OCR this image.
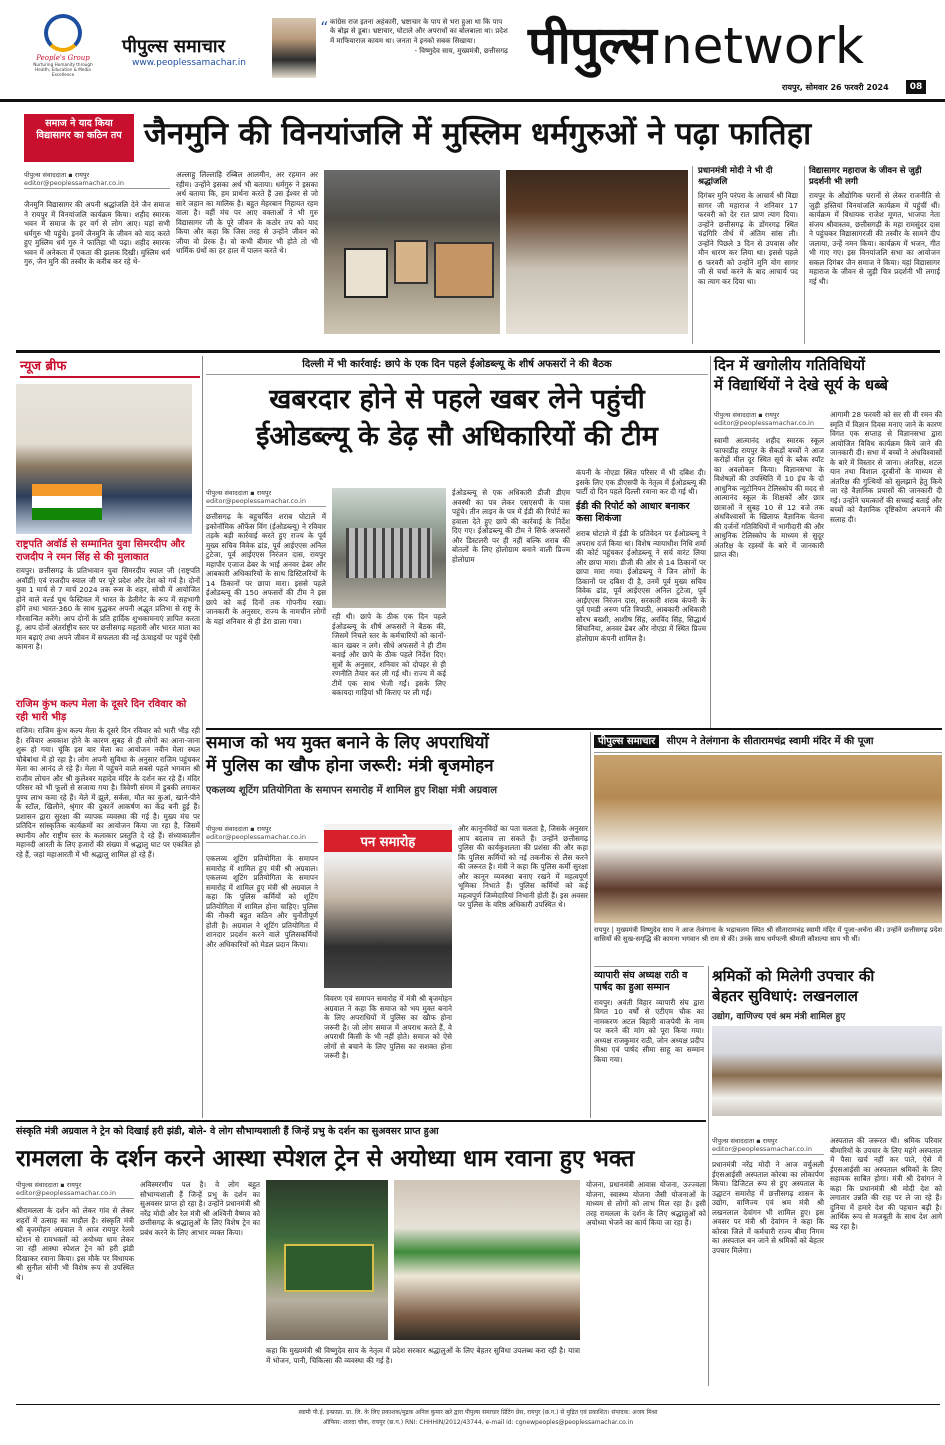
People's Group
Nurturing Humanity through Health, Education & Media Excellence
पीपुल्स समाचार
www.peoplessamachar.in
“ कांग्रेस राज इतना अहंकारी, भ्रष्टाचार के पाप से भरा हुआ था कि पाप के बोझ से डूबा। भ्रष्टाचार, घोटाले और अपराधों का बोलबाला था। प्रदेश में माफियाराज कायम था। जनता ने इनको सबक सिखाया।
- विष्णुदेव साय, मुख्यमंत्री, छत्तीसगढ़ पीपुल्स network
रायपुर, सोमवार 26 फरवरी 2024	08
समाज ने याद किया विद्यासागर का कठिन तप जैनमुनि की विनयांजलि में मुस्लिम धर्मगुरुओं ने पढ़ा फातिहा
पीपुल्स संवाददाता ▪ रायपुर
editor@peoplessamachar.co.in
जैनमुनि विद्यासागर की अपनी श्रद्धांजलि देने जैन समाज ने रायपुर में विनयांजलि कार्यक्रम किया। शहीद स्मारक भवन में समाज के हर वर्ग से लोग आए। यहां सभी धर्मगुरु भी पहुंचे। इनमें जैनमुनि के जीवन को याद करते हुए मुस्लिम धर्म गुरु ने फातिहा भी पढ़ा। शहीद स्मारक भवन में अनेकता में एकता की झलक दिखी। मुस्लिम धर्म गुरु, जैन मुनि की तस्वीर के करीब कर रहे थे-
अल्लाहु लिल्लाहि रब्बिल आलमीन, अर रहमान अर रहीम। उन्होंने इसका अर्थ भी बताया। धर्मगुरु ने इसका अर्थ बताया कि, हम प्रार्थना करते हैं उस ईश्वर से जो सारे जहान का मालिक है। बहुत मेहरबान निहायत रहम वाला है। वहीं मंच पर आए वक्ताओं ने भी गुरु विद्यासागर जी के पूरे जीवन के कठोर तप को याद किया और कहा कि जिस तरह से उन्होंने जीवन को जीया वो प्रेरक है। वो कभी बीमार भी होते तो भी धार्मिक ग्रंथों का हर हाल में पालन करते थे।
प्रधानमंत्री मोदी ने भी दी श्रद्धांजलि
दिगंबर मुनि परंपरा के आचार्य श्री विद्या सागर जी महाराज ने शनिवार 17 फरवरी को देर रात प्राण त्याग दिया। उन्होंने छत्तीसगढ़ के डोंगरगढ़ स्थित चंद्रगिरि तीर्थ में अंतिम सांस ली। उन्होंने पिछले 3 दिन से उपवास और मौन धारण कर लिया था। इससे पहले 6 फरवरी को उन्होंने मुनि योग सागर जी से चर्चा करने के बाद आचार्य पद का त्याग कर दिया था।
विद्यासागर महाराज के जीवन से जुड़ी प्रदर्शनी भी लगी
रायपुर के औद्योगिक घरानों से लेकर राजनीति से जुड़ी हस्तियां विनयांजलि कार्यक्रम में पहुंचीं थीं। कार्यक्रम में विधायक राजेश मूणत, भाजपा नेता संजय श्रीवास्तव, छत्तीसगढ़ी के महा रामसुंदर दास ने पहुंचकर विद्यासागरजी की तस्वीर के सामने दीप जलाया, उन्हें नमन किया। कार्यक्रम में भजन, गीत भी गाए गए। इस विनयांजलि सभा का आयोजन सकल दिगंबर जैन समाज ने किया। यहां विद्यासागर महाराज के जीवन से जुड़ी चित्र प्रदर्शनी भी लगाई गई थी।
न्यूज ब्रीफ
राष्ट्रपति अवॉर्ड से सम्मानित युवा सिमरदीप और राजदीप ने रमन सिंह से की मुलाकात
रायपुर। छत्तीसगढ़ के प्रतिभावान युवा सिमरदीप स्याल जी (राष्ट्रपति अवॉर्डी) एवं राजदीप स्याल जी पर पूरे प्रदेश और देश को गर्व है। दोनों युवा 1 मार्च से 7 मार्च 2024 तक रूस के शहर, सोची में आयोजित होने वाले वर्ल्ड यूथ फेस्टिवल में भारत के डेलीगेट के रूप में सहभागी होंगे तथा भारत-360 के साथ युद्धकर अपनी अद्भुत प्रतिभा से राष्ट्र के गौरवान्वित करेंगे। आप दोनों के प्रति हार्दिक शुभकामनाएं ज्ञापित करता हूं, आप दोनों अंतर्राष्ट्रीय स्तर पर छत्तीसगढ़ महतारी और भारत माता का मान बढ़ाएं तथा अपने जीवन में सफलता की नई ऊंचाइयों पर पहुंचें ऐसी कामना है।
राजिम कुंभ कल्प मेला के दूसरे दिन रविवार को रही भारी भीड़
राजिम। राजिम कुंभ कल्प मेला के दूसरे दिन रविवार को भारी भीड़ रही है। रविवार अवकाश होने के कारण सुबह से ही लोगों का आना-जाना शुरू हो गया। चूंकि इस बार मेला का आयोजन नवीन मेला स्थल चौबेबांधा में हो रहा है। लोग अपनी सुविधा के अनुसार राजिम पहुंचकर मेला का आनंद ले रहे हैं। मेला में पहुंचने वाले सबसे पहले भगवान श्री राजीव लोचन और श्री कुलेश्वर महादेव मंदिर के दर्शन कर रहे हैं। मंदिर परिसर को भी फूलों से सजाया गया है। त्रिवेणी संगम में डुबकी लगाकर पुण्य लाभ कमा रहे हैं। मेले में झूले, सर्कस, मौत का कुआं, खाने-पीने के स्टॉल, खिलौने, श्रृंगार की दुकानें आकर्षण का केंद्र बनी हुई हैं। प्रशासन द्वारा सुरक्षा की व्यापक व्यवस्था की गई है। मुख्य मंच पर प्रतिदिन सांस्कृतिक कार्यक्रमों का आयोजन किया जा रहा है, जिसमें स्थानीय और राष्ट्रीय स्तर के कलाकार प्रस्तुति दे रहे हैं। संध्याकालीन महानदी आरती के लिए हजारों की संख्या में श्रद्धालु घाट पर एकत्रित हो रहे हैं, जहां महाआरती में भी श्रद्धालु शामिल हो रहे हैं।
दिल्ली में भी कार्रवाई: छापे के एक दिन पहले ईओडब्ल्यू के शीर्ष अफसरों ने की बैठक
खबरदार होने से पहले खबर लेने पहुंची
ईओडब्ल्यू के डेढ़ सौ अधिकारियों की टीम
पीपुल्स संवाददाता ▪ रायपुर
editor@peoplessamachar.co.in
छत्तीसगढ़ के बहुचर्चित शराब घोटाले में इकोनॉमिक ऑफेंस विंग (ईओडब्ल्यू) ने रविवार तड़के बड़ी कार्रवाई करते हुए राज्य के पूर्व मुख्य सचिव विवेक ढांड, पूर्व आईएएस अनिल टुटेजा, पूर्व आईएएस निरंजन दास, रायपुर महापौर एजाज ढेबर के भाई अनवर ढेबर और आबकारी अधिकारियों के साथ डिस्टिलरियों के 14 ठिकानों पर छापा मारा। इससे पहले ईओडब्ल्यू की 150 अफसरों की टीम ने इस छापे को कई दिनों तक गोपनीय रखा। जानकारी के अनुसार, राज्य के नामचीन लोगों के यहां शनिवार से ही डेरा डाला गया।	रही थी। छापे के ठीक एक दिन पहले ईओडब्ल्यू के शीर्ष अफसरों ने बैठक की, जिसमें निचले स्तर के कर्मचारियों को कानों-कान खबर न लगे। सीधे अफसरों ने ही टीम बनाई और छापे के ठीक पहले निर्देश दिए। सूत्रों के अनुसार, शनिवार को दोपहर से ही रणनीति तैयार कर ली गई थी। राज्य में कई टीमें एक साथ भेजी गईं। इसके लिए बकायदा गाड़ियां भी किराए पर ली गईं।
ईओडब्ल्यू से एक अधिकारी डीजी डीएम अवस्थी का पत्र लेकर एसएसपी के पास पहुंचे। तीन लाइन के पत्र में ईडी की रिपोर्ट का हवाला देते हुए छापे की कार्रवाई के निर्देश दिए गए। ईओडब्ल्यू की टीम ने सिर्फ अफसरों और डिस्टलरी पर ही नहीं बल्कि शराब की बोतलों के लिए होलोग्राम बनाने वाली प्रिज्म होलोग्राम
कंपनी के नोएडा स्थित परिसर में भी दबिश दी। इसके लिए एक डीएसपी के नेतृत्व में ईओडब्ल्यू की पार्टी दो दिन पहले दिल्ली रवाना कर दी गई थी।
ईडी की रिपोर्ट को आधार बनाकर कसा शिकंजा
शराब घोटाले में ईडी के प्रतिवेदन पर ईओडब्ल्यू ने अपराध दर्ज किया था। विशेष न्यायाधीश निधि शर्मा की कोर्ट पहुंचकर ईओडब्ल्यू ने सर्च वारंट लिया और छापा मारा। डीजी की ओर से 14 ठिकानों पर छापा मारा गया। ईओडब्ल्यू ने जिन लोगों के ठिकानों पर दबिश दी है, उनमें पूर्व मुख्य सचिव विवेक ढांड, पूर्व आईएएस अनिल टुटेजा, पूर्व आईएएस निरंजन दास, सरकारी शराब कंपनी के पूर्व एमडी अरुण पति त्रिपाठी, आबकारी अधिकारी सौरभ बख्शी, आशीष सिंह, अरविंद सिंह, सिद्धार्थ सिंघानिया, अनवर ढेबर और नोएडा में स्थित प्रिज्म होलोग्राम कंपनी शामिल है।
दिन में खगोलीय गतिविधियों
में विद्यार्थियों ने देखे सूर्य के धब्बे
पीपुल्स संवाददाता ▪ रायपुर
editor@peoplessamachar.co.in
स्वामी आत्मानंद शहीद स्मारक स्कूल फाफाडीह रायपुर के सैकड़ों बच्चों ने आज करोड़ों मील दूर स्थित सूर्य के ब्लैक स्पॉट का अवलोकन किया। विज्ञानसभा के विशेषज्ञों की उपस्थिति में 10 इंच के दो आधुनिक न्यूटोनियन टेलिस्कोप की मदद से आत्मानंद स्कूल के शिक्षकों और छात्र छात्राओं ने सुबह 10 से 12 बजे तक अंधविश्वासों के खिलाफ वैज्ञानिक चेतना की दर्जनों गतिविधियों में भागीदारी की और आधुनिक टेलिस्कोप के माध्यम से सुदूर अंतरिक्ष के रहस्यों के बारे में जानकारी प्राप्त की।
आगामी 28 फरवरी को सर सी वी रमन की स्मृति में विज्ञान दिवस मनाए जाने के कारण विगत एक सप्ताह से विज्ञानसभा द्वारा आयोजित विविध कार्यक्रम किये जाने की जानकारी दी। सभा में बच्चों ने अंधविश्वासों के बारे में विस्तार से जाना। अंतरिक्ष, शटल यान तथा विशाल दूरबीनों के माध्यम से अंतरिक्ष की गुत्थियों को सुलझाने हेतु किये जा रहे वैज्ञानिक प्रयासों की जानकारी दी गई। उन्होंने चमत्कारों की सच्चाई बताई और बच्चों को वैज्ञानिक दृष्टिकोण अपनाने की सलाह दी।
समाज को भय मुक्त बनाने के लिए अपराधियों
में पुलिस का खौफ होना जरूरी: मंत्री बृजमोहन
एकलव्य शूटिंग प्रतियोगिता के समापन समारोह में शामिल हुए शिक्षा मंत्री अग्रवाल
पीपुल्स संवाददाता ▪ रायपुर
editor@peoplessamachar.co.in
एकलव्य शूटिंग प्रतियोगिता के समापन समारोह में शामिल हुए मंत्री श्री अग्रवाल। एकलव्य शूटिंग प्रतियोगिता के समापन समारोह में शामिल हुए मंत्री श्री अग्रवाल ने कहा कि पुलिस कर्मियों को शूटिंग प्रतियोगिता में शामिल होना चाहिए। पुलिस की नौकरी बहुत कठिन और चुनौतीपूर्ण होती है। अग्रवाल ने शूटिंग प्रतियोगिता में शानदार प्रदर्शन करने वाले पुलिसकर्मियों और अधिकारियों को मेडल प्रदान किया।
पन समारोह
विवरण एवं समापन समारोह में मंत्री श्री बृजमोहन अग्रवाल ने कहा कि समाज को भय मुक्त बनाने के लिए अपराधियों में पुलिस का खौफ होना जरूरी है। जो लोग समाज में अपराध करते हैं, वे अपराधी किसी के भी नहीं होते। समाज को ऐसे लोगों से बचाने के लिए पुलिस का सशक्त होना जरूरी है।
और कानूनविदों का पता चलता है, जिसके अनुसार आप बदलाव ला सकते हैं। उन्होंने छत्तीसगढ़ पुलिस की कार्यकुशलता की प्रशंसा की और कहा कि पुलिस कर्मियों को नई तकनीक से लैस करने की जरूरत है। मंत्री ने कहा कि पुलिस कर्मी सुरक्षा और कानून व्यवस्था बनाए रखने में महत्वपूर्ण भूमिका निभाते हैं। पुलिस कर्मियों को कई महत्वपूर्ण जिम्मेदारियां निभानी होती हैं। इस अवसर पर पुलिस के वरिष्ठ अधिकारी उपस्थित थे।
पीपुल्स समाचार सीएम ने तेलंगाना के सीतारामचंद्र स्वामी मंदिर में की पूजा
रायपुर | मुख्यमंत्री विष्णुदेव साय ने आज तेलंगाना के भद्राचलम स्थित श्री सीतारामचंद्र स्वामी मंदिर में पूजा-अर्चना की। उन्होंने छत्तीसगढ़ प्रदेश वासियों की सुख-समृद्धि की कामना भगवान श्री राम से की। उनके साथ धर्मपत्नी श्रीमती कौशल्या साय भी थीं।
व्यापारी संघ अध्यक्ष राठी व पार्षद का हुआ सम्मान
रायपुर। अवंती विहार व्यापारी संघ द्वारा विगत 10 वर्षों से एटीएम चौक का नामकरण अटल बिहारी वाजपेयी के नाम पर करने की मांग को पूरा किया गया। अध्यक्ष राजकुमार राठी, जोन अध्यक्ष प्रदीप मिश्रा एवं पार्षद सीमा साहू का सम्मान किया गया।
श्रमिकों को मिलेगी उपचार की
बेहतर सुविधाएं: लखनलाल
उद्योग, वाणिज्य एवं श्रम मंत्री शामिल हुए
पीपुल्स संवाददाता ▪ रायपुर
editor@peoplessamachar.co.in
प्रधानमंत्री नरेंद्र मोदी ने आज वर्चुअली ईएसआईसी अस्पताल कोरबा का लोकार्पण किया। डिजिटल रूप से हुए अस्पताल के उद्घाटन समारोह में छत्तीसगढ़ शासन के उद्योग, वाणिज्य एवं श्रम मंत्री श्री लखनलाल देवांगन भी शामिल हुए। इस अवसर पर मंत्री श्री देवांगन ने कहा कि कोरबा जिले में कर्मचारी राज्य बीमा निगम का अस्पताल बन जाने से श्रमिकों को बेहतर उपचार मिलेगा।
अस्पताल की जरूरत थी। श्रमिक परिवार बीमारियों के उपचार के लिए महंगे अस्पताल में पैसा खर्च नहीं कर पाते, ऐसे में ईएसआईसी का अस्पताल श्रमिकों के लिए सहायक साबित होगा। मंत्री श्री देवांगन ने कहा कि प्रधानमंत्री श्री मोदी देश को लगातार उन्नति की राह पर ले जा रहे हैं। दुनिया में हमारे देश की पहचान बढ़ी है। आर्थिक रूप से मजबूती के साथ देश आगे बढ़ रहा है।
संस्कृति मंत्री अग्रवाल ने ट्रेन को दिखाई हरी झंडी, बोले- वे लोग सौभाग्यशाली हैं जिन्हें प्रभु के दर्शन का सुअवसर प्राप्त हुआ
रामलला के दर्शन करने आस्था स्पेशल ट्रेन से अयोध्या धाम रवाना हुए भक्त
पीपुल्स संवाददाता ▪ रायपुर
editor@peoplessamachar.co.in
श्रीरामलला के दर्शन को लेकर गांव से लेकर शहरों में उत्साह का माहौल है। संस्कृति मंत्री श्री बृजमोहन अग्रवाल ने आज रायपुर रेलवे स्टेशन से रामभक्तों को अयोध्या धाम लेकर जा रही आस्था स्पेशल ट्रेन को हरी झंडी दिखाकर रवाना किया। इस मौके पर विधायक श्री सुनील सोनी भी विशेष रूप से उपस्थित थे।
अविस्मरणीय पल है। वे लोग बहुत सौभाग्यशाली हैं जिन्हें प्रभु के दर्शन का सुअवसर प्राप्त हो रहा है। उन्होंने प्रधानमंत्री श्री नरेंद्र मोदी और रेल मंत्री श्री अश्विनी वैष्णव को छत्तीसगढ़ के श्रद्धालुओं के लिए विशेष ट्रेन का प्रबंध करने के लिए आभार व्यक्त किया।
योजना, प्रधानमंत्री आवास योजना, उज्ज्वला योजना, स्वास्थ्य योजना जैसी योजनाओं के माध्यम से लोगों को लाभ मिल रहा है। इसी तरह रामलला के दर्शन के लिए श्रद्धालुओं को अयोध्या भेजने का कार्य किया जा रहा है।
कहा कि मुख्यमंत्री श्री विष्णुदेव साय के नेतृत्व में प्रदेश सरकार श्रद्धालुओं के लिए बेहतर सुविधा उपलब्ध करा रही है। यात्रा में भोजन, पानी, चिकित्सा की व्यवस्था की गई है।
स्वामी पी.ई. इन्फ्राप्रा. प्रा. लि. के लिए प्रकाशक/मुद्रक अनिल कुमार खरे द्वारा पीपुल्स समाचार प्रिंटिंग प्रेस, रायपुर (छ.ग.) से मुद्रित एवं प्रकाशित। संपादक: अजय मिश्रा
ऑफिस: शारदा चौक, रायपुर (छ.ग.) RNI: CHHHIN/2012/43744, e-mail id: cgnewpeoples@peoplessamachar.co.in
